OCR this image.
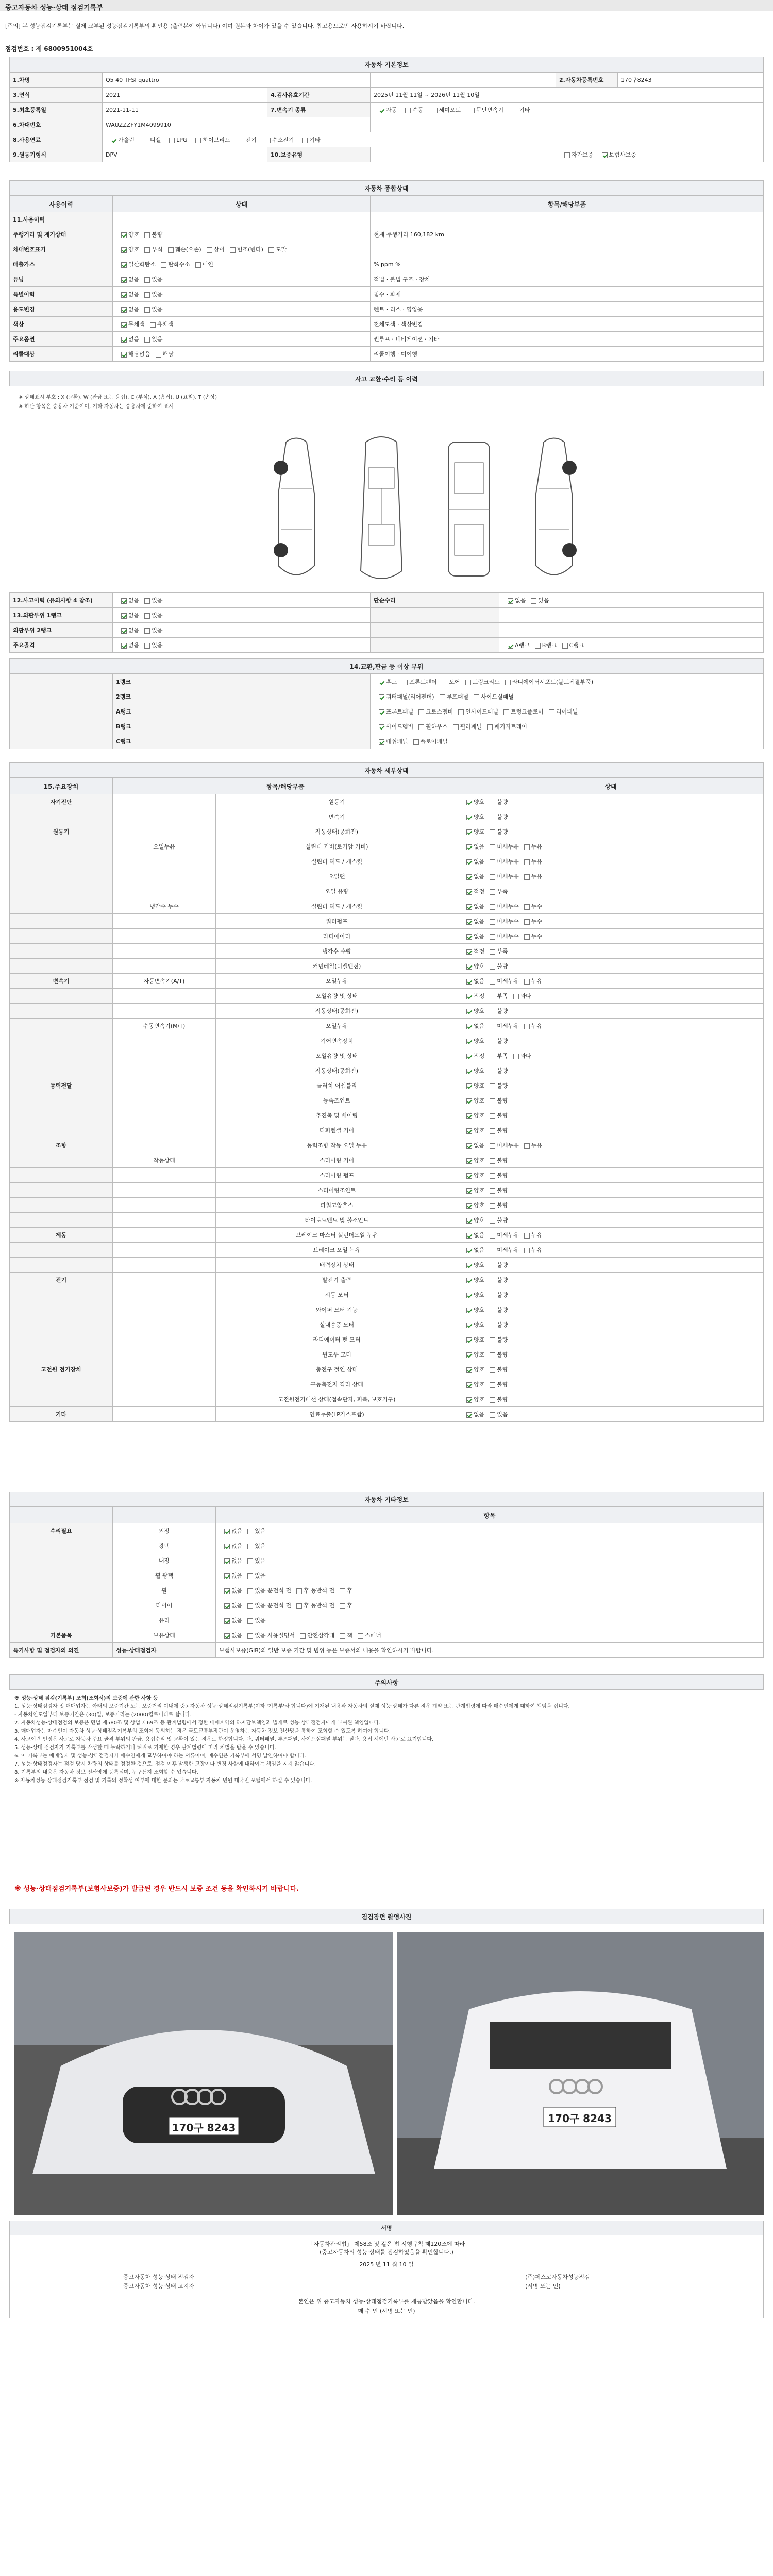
중고자동차 성능·상태 점검기록부
[주의] 본 성능점검기록부는 실제 교부된 성능점검기록부의 확인용 (출력본이 아닙니다) 이며 원본과 차이가 있을 수 있습니다. 참고용으로만 사용하시기 바랍니다.
점검번호 : 제 6800951004호
자동차 기본정보
1.차명	Q5 40 TFSI quattro			2.자동차등록번호	170구8243
3.연식	2021	4.검사유효기간	2025년 11월 11일 ~ 2026년 11월 10일		
5.최초등록일	2021-11-11	7.변속기 종류	자동 수동 세미오토 무단변속기 기타		
6.차대번호	WAUZZZFY1M4099910				
8.사용연료	가솔린 디젤 LPG 하이브리드 전기 수소전기 기타				
9.원동기형식	DPV	10.보증유형		자가보증 보험사보증	
자동차 종합상태
사용이력	상태	항목/해당부품
11.사용이력		
주행거리 및 계기상태	양호 불량	현재 주행거리 160,182 km
차대번호표기	양호 부식 훼손(오손) 상이 변조(변타) 도말	
배출가스	일산화탄소 탄화수소 매연	% ppm %
튜닝	없음 있음	적법 · 불법 구조 · 장치
특별이력	없음 있음	침수 · 화재
용도변경	없음 있음	렌트 · 리스 · 영업용
색상	무채색 유채색	전체도색 · 색상변경
주요옵션	없음 있음	썬루프 · 네비게이션 · 기타
리콜대상	해당없음 해당	리콜이행 · 미이행
사고 교환·수리 등 이력
※ 상태표시 부호 : X (교환), W (판금 또는 용접), C (부식), A (흠집), U (요철), T (손상)
※ 하단 항목은 승용차 기준이며, 기타 자동차는 승용차에 준하여 표시
12.사고이력 (유의사항 4 참조)	없음 있음	단순수리	없음 있음
13.외판부위 1랭크	없음 있음		
외판부위 2랭크	없음 있음		
주요골격	없음 있음		A랭크 B랭크 C랭크
14.교환,판금 등 이상 부위
	1랭크	후드 프론트펜더 도어 트렁크리드 라디에이터서포트(볼트체결부품)
	2랭크	쿼터패널(리어펜더) 루프패널 사이드실패널
	A랭크	프론트패널 크로스멤버 인사이드패널 트렁크플로어 리어패널
	B랭크	사이드멤버 휠하우스 필러패널 패키지트레이
	C랭크	대쉬패널 플로어패널
자동차 세부상태
15.주요장치	항목/해당부품		상태
자기진단		원동기	양호 불량
		변속기	양호 불량
원동기		작동상태(공회전)	양호 불량
	오일누유	실린더 커버(로커암 커버)	없음 미세누유 누유
		실린더 헤드 / 개스킷	없음 미세누유 누유
		오일팬	없음 미세누유 누유
		오일 유량	적정 부족
	냉각수 누수	실린더 헤드 / 개스킷	없음 미세누수 누수
		워터펌프	없음 미세누수 누수
		라디에이터	없음 미세누수 누수
		냉각수 수량	적정 부족
		커먼레일(디젤엔진)	양호 불량
변속기	자동변속기(A/T)	오일누유	없음 미세누유 누유
		오일유량 및 상태	적정 부족 과다
		작동상태(공회전)	양호 불량
	수동변속기(M/T)	오일누유	없음 미세누유 누유
		기어변속장치	양호 불량
		오일유량 및 상태	적정 부족 과다
		작동상태(공회전)	양호 불량
동력전달		클러치 어셈블리	양호 불량
		등속조인트	양호 불량
		추진축 및 베어링	양호 불량
		디퍼렌셜 기어	양호 불량
조향		동력조향 작동 오일 누유	없음 미세누유 누유
	작동상태	스티어링 기어	양호 불량
		스티어링 펌프	양호 불량
		스티어링조인트	양호 불량
		파워고압호스	양호 불량
		타이로드엔드 및 볼조인트	양호 불량
제동		브레이크 마스터 실린더오일 누유	없음 미세누유 누유
		브레이크 오일 누유	없음 미세누유 누유
		배력장치 상태	양호 불량
전기		발전기 출력	양호 불량
		시동 모터	양호 불량
		와이퍼 모터 기능	양호 불량
		실내송풍 모터	양호 불량
		라디에이터 팬 모터	양호 불량
		윈도우 모터	양호 불량
고전원 전기장치		충전구 절연 상태	양호 불량
		구동축전지 격리 상태	양호 불량
		고전원전기배선 상태(접속단자, 피복, 보호기구)	양호 불량
기타		연료누출(LP가스포함)	없음 있음
자동차 기타정보
		항목
수리필요	외장	없음 있음
	광택	없음 있음
	내장	없음 있음
	휠 광택	없음 있음
	휠	없음 있음 운전석 전 후 동반석 전 후
	타이어	없음 있음 운전석 전 후 동반석 전 후
	유리	없음 있음
기본품목	보유상태	없음 있음 사용설명서 안전삼각대 잭 스패너
특기사항 및 점검자의 의견	성능·상태점검자	보험사보증(GIB)의 일반 보증 기간 및 범위 등은 보증서의 내용을 확인하시기 바랍니다.
주의사항

※ 성능·상태 점검(기록부) 조회(조회서)의 보증에 관한 사항 등

1. 성능·상태점검자 및 매매업자는 아래의 보증기간 또는 보증거리 이내에 중고자동차 성능·상태점검기록부(이하 '기록부'라 합니다)에 기재된 내용과 자동차의 실제 성능·상태가 다른 경우 계약 또는 관계법령에 따라 매수인에게 대하여 책임을 집니다.

- 자동차인도일부터 보증기간은 (30)일, 보증거리는 (2000)킬로미터로 합니다.

2. 자동차성능·상태점검의 보증은 민법 제580조 및 상법 제69조 등 관계법령에서 정한 매매계약의 하자담보책임과 별개로 성능·상태점검자에게 부여된 책임입니다.

3. 매매업자는 매수인이 자동차 성능·상태점검기록부의 조회에 동의하는 경우 국토교통부장관이 운영하는 자동차 정보 전산망을 통하여 조회할 수 있도록 하여야 합니다.

4. 사고이력 인정은 사고로 자동차 주요 골격 부위의 판금, 용접수리 및 교환이 있는 경우로 한정합니다. 단, 쿼터패널, 루프패널, 사이드실패널 부위는 절단, 용접 시에만 사고로 표기합니다.

5. 성능·상태 점검자가 기록부를 작성할 때 누락하거나 허위로 기재한 경우 관계법령에 따라 처벌을 받을 수 있습니다.

6. 이 기록부는 매매업자 및 성능·상태점검자가 매수인에게 교부하여야 하는 서류이며, 매수인은 기록부에 서명 날인하여야 합니다.

7. 성능·상태점검자는 점검 당시 차량의 상태를 점검한 것으로, 점검 이후 발생한 고장이나 변경 사항에 대하여는 책임을 지지 않습니다.

8. 기록부의 내용은 자동차 정보 전산망에 등록되며, 누구든지 조회할 수 있습니다.

※ 자동차성능·상태점검기록부 점검 및 기록의 정확성 여부에 대한 문의는 국토교통부 자동차 민원 대국민 포털에서 하실 수 있습니다.

※ 성능·상태점검기록부(보험사보증)가 발급된 경우 반드시 보증 조건 등을 확인하시기 바랍니다.
점검장면 촬영사진
170구 8243
170구 8243
서명
「자동차관리법」 제58조 및 같은 법 시행규칙 제120조에 따라
(중고자동차의 성능·상태를 점검하였음을 확인합니다.)
2025 년 11 월 10 일
중고자동차 성능·상태 점검자
중고자동차 성능·상태 고지자
(주)페스코자동차성능점검
(서명 또는 인)
본인은 위 중고자동차 성능·상태점검기록부를 제공받았음을 확인합니다.
매 수 인 (서명 또는 인)
